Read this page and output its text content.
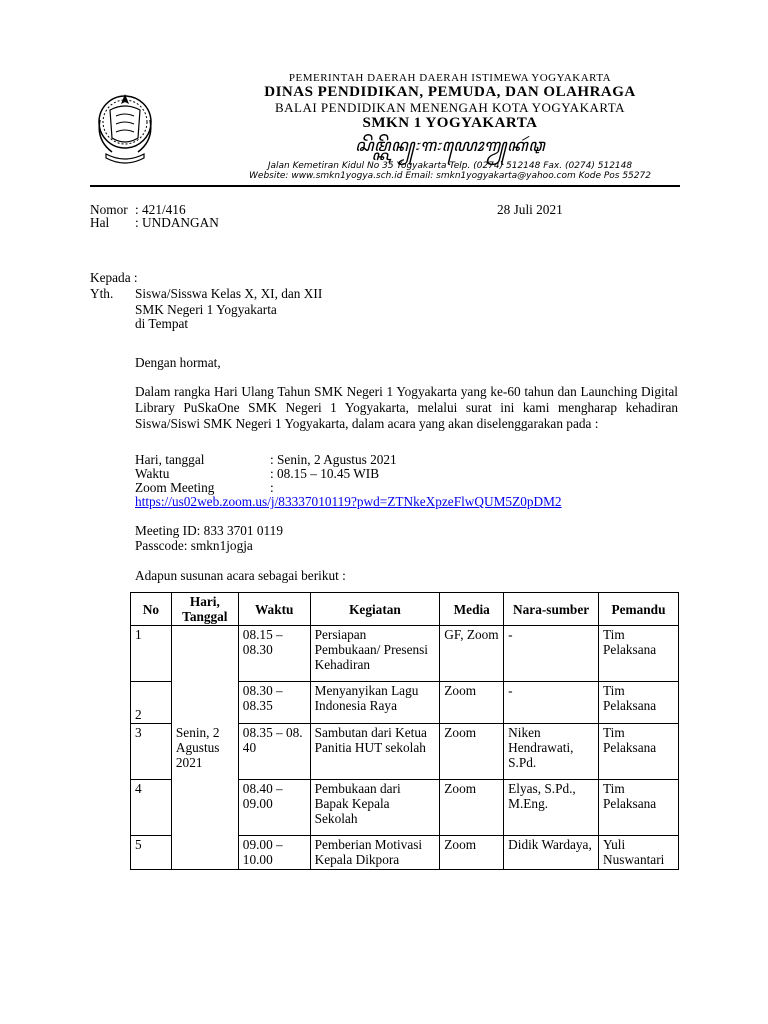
PEMERINTAH DAERAH DAERAH ISTIMEWA YOGYAKARTA
DINAS PENDIDIKAN, PEMUDA, DAN OLAHRAGA
BALAI PENDIDIKAN MENENGAH KOTA YOGYAKARTA
SMKN 1 YOGYAKARTA
ꦱꦼꦩ꧀ꦏꦼꦤ꧀꧇꧑꧇ꦪꦺꦴꦒꦾꦏꦂꦡ
Jalan Kemetiran Kidul No 35 Yogyakarta Telp. (0274) 512148 Fax. (0274) 512148
Website: www.smkn1yogya.sch.id Email: smkn1yogyakarta@yahoo.com Kode Pos 55272
Nomor : 421/416	28 Juli 2021
Hal : UNDANGAN
Kepada :
Yth. Siswa/Sisswa Kelas X, XI, dan XII
SMK Negeri 1 Yogyakarta
di Tempat
Dengan hormat,
Dalam rangka Hari Ulang Tahun SMK Negeri 1 Yogyakarta yang ke-60 tahun dan Launching Digital Library PuSkaOne SMK Negeri 1 Yogyakarta, melalui surat ini kami mengharap kehadiran Siswa/Siswi SMK Negeri 1 Yogyakarta, dalam acara yang akan diselenggarakan pada :
Hari, tanggal	: Senin, 2 Agustus 2021
Waktu	: 08.15 – 10.45 WIB
Zoom Meeting	:
https://us02web.zoom.us/j/83337010119?pwd=ZTNkeXpzeFlwQUM5Z0pDM2
Meeting ID: 833 3701 0119
Passcode: smkn1jogja
Adapun susunan acara sebagai berikut :
No	Hari, Tanggal	Waktu	Kegiatan	Media	Nara-sumber	Pemandu
1	Senin, 2 Agustus 2021	08.15 – 08.30	Persiapan Pembukaan/ Presensi Kehadiran	GF, Zoom	-	Tim Pelaksana
2		08.30 – 08.35	Menyanyikan Lagu Indonesia Raya	Zoom	-	Tim Pelaksana
3		08.35 – 08. 40	Sambutan dari Ketua Panitia HUT sekolah	Zoom	Niken Hendrawati, S.Pd.	Tim Pelaksana
4		08.40 – 09.00	Pembukaan dari Bapak Kepala Sekolah	Zoom	Elyas, S.Pd., M.Eng.	Tim Pelaksana
5		09.00 – 10.00	Pemberian Motivasi Kepala Dikpora	Zoom	Didik Wardaya,	Yuli Nuswantari
